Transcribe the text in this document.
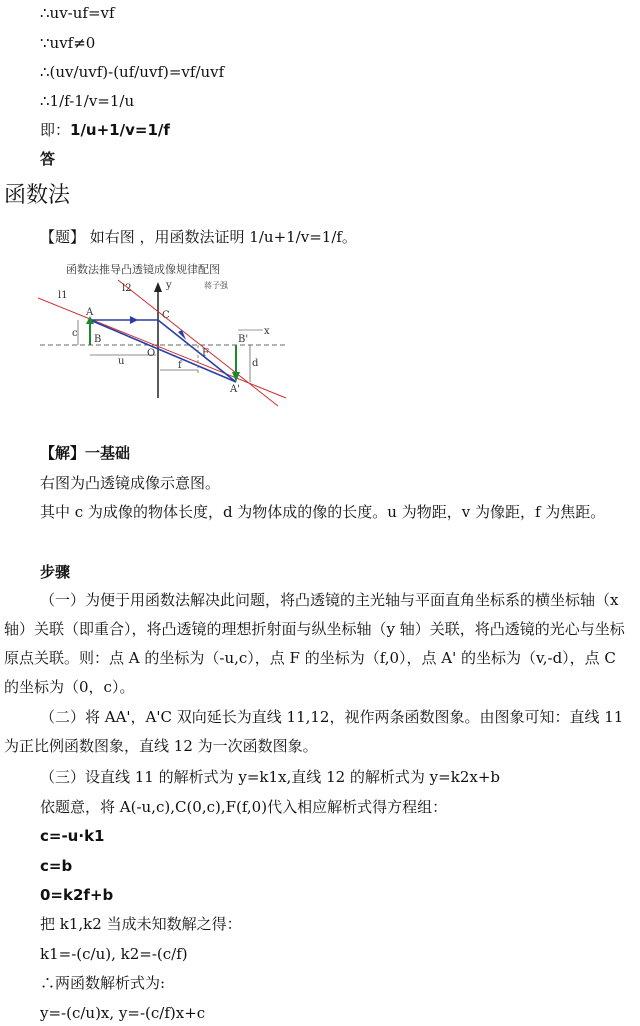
∴uv-uf=vf
∵uvf≠0
∴(uv/uvf)-(uf/uvf)=vf/uvf
∴1/f-1/v=1/u
即：1/u+1/v=1/f
答
函数法
【题】 如右图 ，用函数法证明 1/u+1/v=1/f。
函数法推导凸透镜成像规律配图
蒋子强
x
y
l1
l2
A
B
C
O	F
B'
A'
c
d
u	f
【解】一基础
右图为凸透镜成像示意图。
其中 c 为成像的物体长度，d 为物体成的像的长度。u 为物距，v 为像距，f 为焦距。
步骤
（一）为便于用函数法解决此问题，将凸透镜的主光轴与平面直角坐标系的横坐标轴（x 轴）关联（即重合），将凸透镜的理想折射面与纵坐标轴（y 轴）关联，将凸透镜的光心与坐标原点关联。则：点 A 的坐标为（-u,c），点 F 的坐标为（f,0），点 A' 的坐标为（v,-d），点 C 的坐标为（0，c）。
（二）将 AA'，A'C 双向延长为直线 11,12，视作两条函数图象。由图象可知：直线 11 为正比例函数图象，直线 12 为一次函数图象。
（三）设直线 11 的解析式为 y=k1x,直线 12 的解析式为 y=k2x+b
依题意，将 A(-u,c),C(0,c),F(f,0)代入相应解析式得方程组：
c=-u·k1
c=b
0=k2f+b
把 k1,k2 当成未知数解之得：
k1=-(c/u), k2=-(c/f)
∴两函数解析式为:
y=-(c/u)x, y=-(c/f)x+c
